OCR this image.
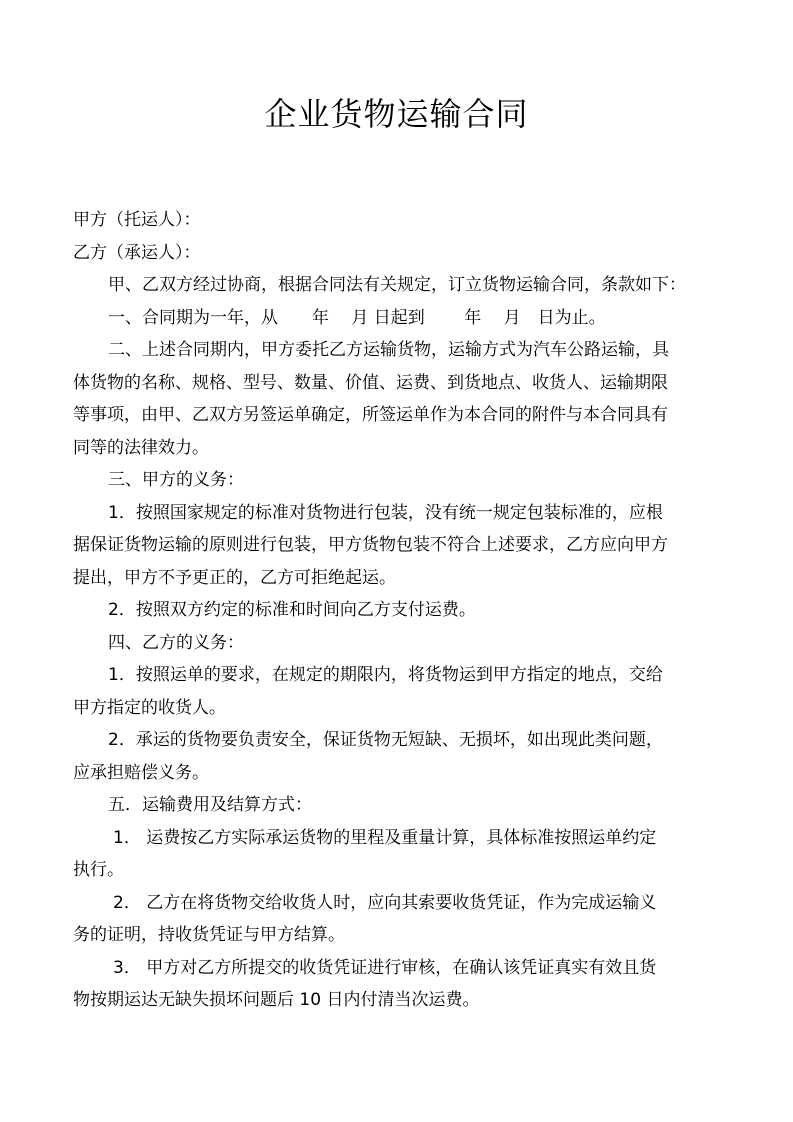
企业货物运输合同
甲方（托运人）：
乙方（承运人）：
甲、乙双方经过协商，根据合同法有关规定，订立货物运输合同，条款如下：
一、合同期为一年，从　　年　 月 日起到　　 年　 月　日为止。
二、上述合同期内，甲方委托乙方运输货物，运输方式为汽车公路运输，具
体货物的名称、规格、型号、数量、价值、运费、到货地点、收货人、运输期限
等事项，由甲、乙双方另签运单确定，所签运单作为本合同的附件与本合同具有
同等的法律效力。
三、甲方的义务：
1．按照国家规定的标准对货物进行包装，没有统一规定包装标准的，应根
据保证货物运输的原则进行包装，甲方货物包装不符合上述要求，乙方应向甲方
提出，甲方不予更正的，乙方可拒绝起运。
2．按照双方约定的标准和时间向乙方支付运费。
四、乙方的义务：
1．按照运单的要求，在规定的期限内，将货物运到甲方指定的地点，交给
甲方指定的收货人。
2．承运的货物要负责安全，保证货物无短缺、无损坏，如出现此类问题，
应承担赔偿义务。
五．运输费用及结算方式：
1． 运费按乙方实际承运货物的里程及重量计算，具体标准按照运单约定
执行。
2． 乙方在将货物交给收货人时，应向其索要收货凭证，作为完成运输义
务的证明，持收货凭证与甲方结算。
3． 甲方对乙方所提交的收货凭证进行审核，在确认该凭证真实有效且货
物按期运达无缺失损坏问题后 10 日内付清当次运费。
